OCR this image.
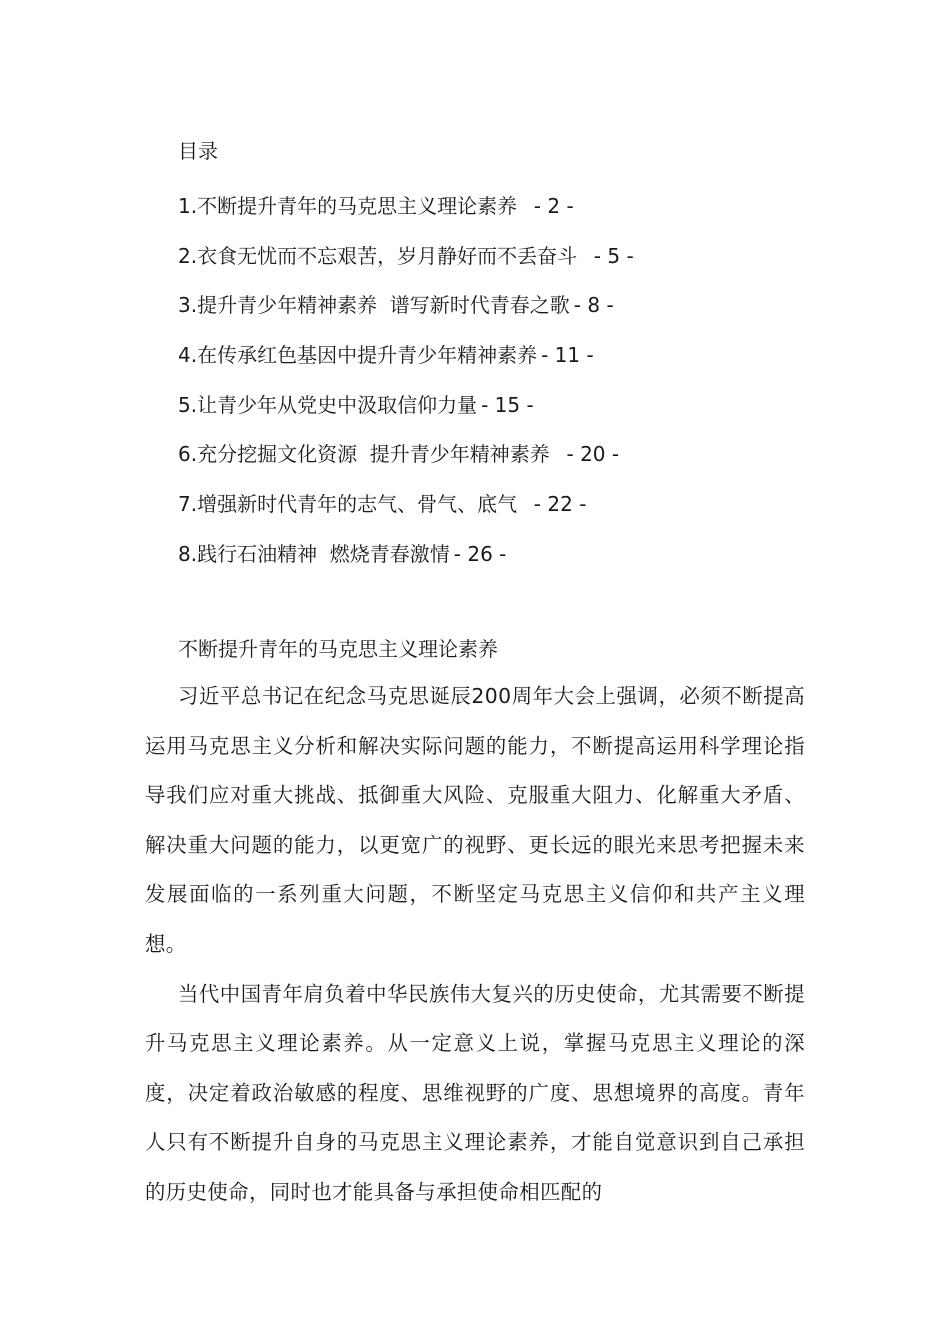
目录
1.不断提升青年的马克思主义理论素养  - 2 -
2.衣食无忧而不忘艰苦，岁月静好而不丢奋斗  - 5 -
3.提升青少年精神素养  谱写新时代青春之歌 - 8 -
4.在传承红色基因中提升青少年精神素养 - 11 -
5.让青少年从党史中汲取信仰力量 - 15 -
6.充分挖掘文化资源  提升青少年精神素养  - 20 -
7.增强新时代青年的志气、骨气、底气  - 22 -
8.践行石油精神  燃烧青春激情 - 26 -
不断提升青年的马克思主义理论素养

习近平总书记在纪念马克思诞辰200周年大会上强调，必须不断提高运用马克思主义分析和解决实际问题的能力，不断提高运用科学理论指导我们应对重大挑战、抵御重大风险、克服重大阻力、化解重大矛盾、解决重大问题的能力，以更宽广的视野、更长远的眼光来思考把握未来发展面临的一系列重大问题，不断坚定马克思主义信仰和共产主义理想。

当代中国青年肩负着中华民族伟大复兴的历史使命，尤其需要不断提升马克思主义理论素养。从一定意义上说，掌握马克思主义理论的深度，决定着政治敏感的程度、思维视野的广度、思想境界的高度。青年人只有不断提升自身的马克思主义理论素养，才能自觉意识到自己承担的历史使命，同时也才能具备与承担使命相匹配的
